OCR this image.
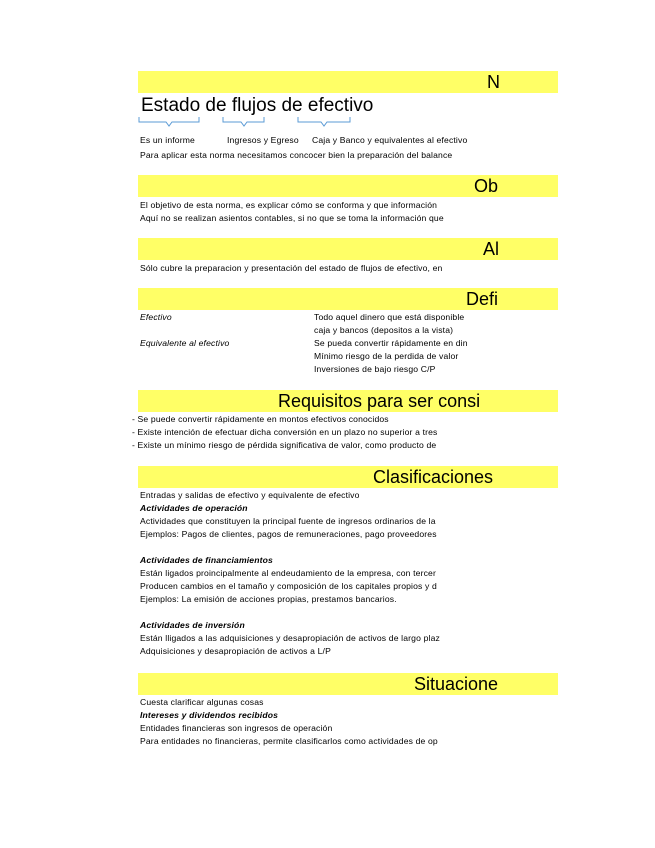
N
Estado de flujos de efectivo
Es un informe	Ingresos y Egreso	Caja y Banco y equivalentes al efectivo
Para aplicar esta norma necesitamos concocer bien la preparación del balance
Ob
El objetivo de esta norma, es explicar cómo se conforma y que información
Aquí no se realizan asientos contables, si no que se toma la información que
Al
Sólo cubre la preparacion y presentación del estado de flujos de efectivo, en
Defi
Efectivo	Todo aquel dinero que está disponible
caja y bancos (depositos a la vista)
Equivalente al efectivo	Se pueda convertir rápidamente en din
Mínimo riesgo de la perdida de valor
Inversiones de bajo riesgo C/P
Requisitos para ser consi
- Se puede convertir rápidamente en montos efectivos conocidos
- Existe intención de efectuar dicha conversión en un plazo no superior a tres
- Existe un mínimo riesgo de pérdida significativa de valor, como producto de
Clasificaciones
Entradas y salidas de efectivo y equivalente de efectivo
Actividades de operación
Actividades que constituyen la principal fuente de ingresos ordinarios de la
Ejemplos: Pagos de clientes, pagos de remuneraciones, pago proveedores
Actividades de financiamientos
Están ligados proincipalmente al endeudamiento de la empresa, con tercer
Producen cambios en el tamaño y composición de los capitales propios y d
Ejemplos: La emisión de acciones propias, prestamos bancarios.
Actividades de inversión
Están lligados a las adquisiciones y desapropiación de activos de largo plaz
Adquisiciones y desapropiación de activos a L/P
Situacione
Cuesta clarificar algunas cosas
Intereses y dividendos recibidos
Entidades financieras son ingresos de operación
Para entidades no financieras, permite clasificarlos como actividades de op
